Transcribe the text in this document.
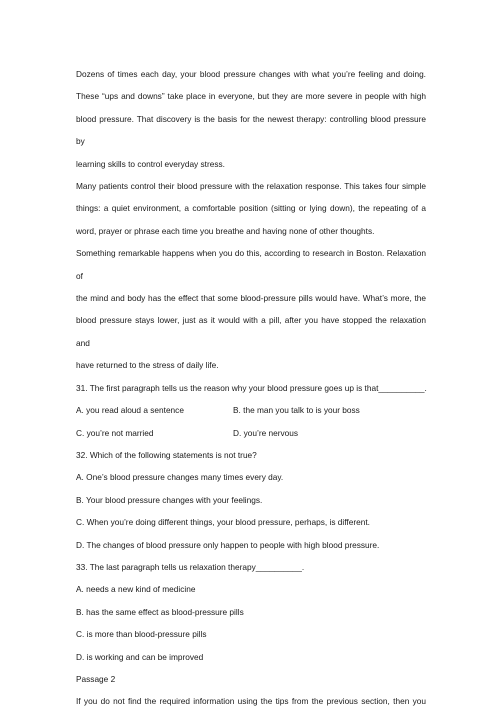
Dozens of times each day, your blood pressure changes with what you’re feeling and doing.
These “ups and downs” take place in everyone, but they are more severe in people with high
blood pressure. That discovery is the basis for the newest therapy: controlling blood pressure by
learning skills to control everyday stress.
Many patients control their blood pressure with the relaxation response. This takes four simple
things: a quiet environment, a comfortable position (sitting or lying down), the repeating of a
word, prayer or phrase each time you breathe and having none of other thoughts.
Something remarkable happens when you do this, according to research in Boston. Relaxation of
the mind and body has the effect that some blood-pressure pills would have. What’s more, the
blood pressure stays lower, just as it would with a pill, after you have stopped the relaxation and
have returned to the stress of daily life.
31. The first paragraph tells us the reason why your blood pressure goes up is that__________.
A. you read aloud a sentence	B. the man you talk to is your boss
C. you’re not married	D. you’re nervous
32. Which of the following statements is not true?
A. One’s blood pressure changes many times every day.
B. Your blood pressure changes with your feelings.
C. When you’re doing different things, your blood pressure, perhaps, is different.
D. The changes of blood pressure only happen to people with high blood pressure.
33. The last paragraph tells us relaxation therapy__________.
A. needs a new kind of medicine
B. has the same effect as blood-pressure pills
C. is more than blood-pressure pills
D. is working and can be improved
Passage 2
If you do not find the required information using the tips from the previous section, then you
